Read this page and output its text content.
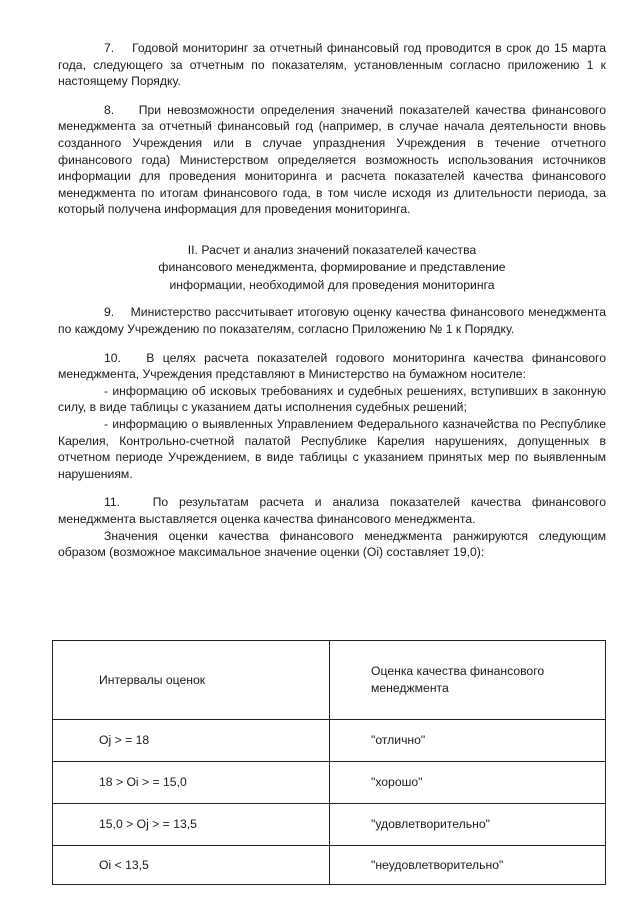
7.    Годовой мониторинг за отчетный финансовый год проводится в срок до 15 марта года, следующего за отчетным по показателям, установленным согласно приложению 1 к настоящему Порядку.

8.    При невозможности определения значений показателей качества финансового менеджмента за отчетный финансовый год (например, в случае начала деятельности вновь созданного Учреждения или в случае упразднения Учреждения в течение отчетного финансового года) Министерством определяется возможность использования источников информации для проведения мониторинга и расчета показателей качества финансового менеджмента по итогам финансового года, в том числе исходя из длительности периода, за который получена информация для проведения мониторинга.

II. Расчет и анализ значений показателей качества
финансового менеджмента, формирование и представление
информации, необходимой для проведения мониторинга

9.    Министерство рассчитывает итоговую оценку качества финансового менеджмента по каждому Учреждению по показателям, согласно Приложению № 1 к Порядку.

10.   В целях расчета показателей годового мониторинга качества финансового менеджмента, Учреждения представляют в Министерство на бумажном носителе:

- информацию об исковых требованиях и судебных решениях, вступивших в законную силу, в виде таблицы с указанием даты исполнения судебных решений;

- информацию о выявленных Управлением Федерального казначейства по Республике Карелия, Контрольно-счетной палатой Республике Карелия нарушениях, допущенных в отчетном периоде Учреждением, в виде таблицы с указанием принятых мер по выявленным нарушениям.

11.   По результатам расчета и анализа показателей качества финансового менеджмента выставляется оценка качества финансового менеджмента.

Значения оценки качества финансового менеджмента ранжируются следующим образом (возможное максимальное значение оценки (Oi) составляет 19,0):

Интервалы оценок	Оценка качества финансового менеджмента
Oj > = 18	"отлично"
18 > Oi > = 15,0	"хорошо"
15,0 > Oj > = 13,5	"удовлетворительно"
Oi < 13,5	"неудовлетворительно"
